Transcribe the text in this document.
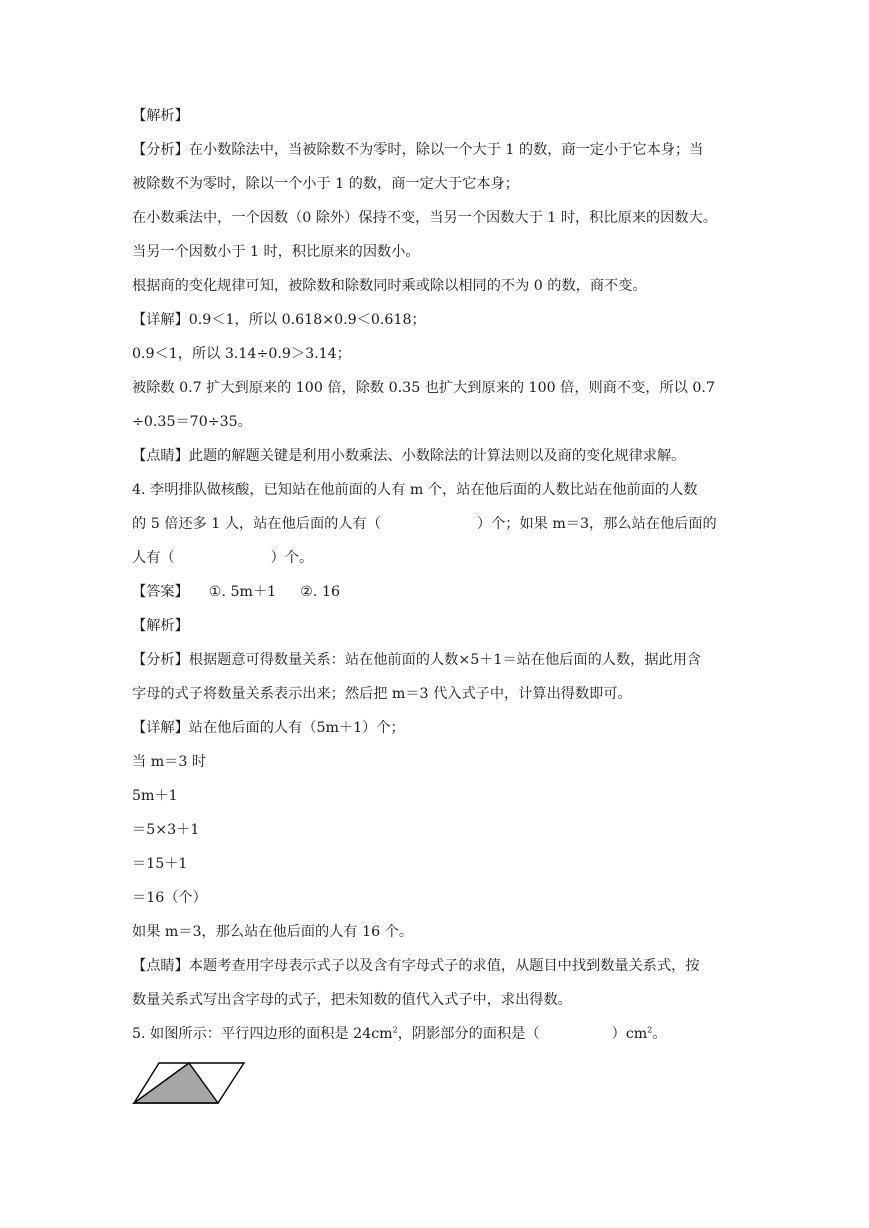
【解析】
【分析】在小数除法中，当被除数不为零时，除以一个大于 1 的数，商一定小于它本身；当
被除数不为零时，除以一个小于 1 的数，商一定大于它本身；
在小数乘法中，一个因数（0 除外）保持不变，当另一个因数大于 1 时，积比原来的因数大。
当另一个因数小于 1 时，积比原来的因数小。
根据商的变化规律可知，被除数和除数同时乘或除以相同的不为 0 的数，商不变。
【详解】0.9＜1，所以 0.618×0.9＜0.618；
0.9＜1，所以 3.14÷0.9＞3.14；
被除数 0.7 扩大到原来的 100 倍，除数 0.35 也扩大到原来的 100 倍，则商不变，所以 0.7
÷0.35＝70÷35。
【点睛】此题的解题关键是利用小数乘法、小数除法的计算法则以及商的变化规律求解。
4. 李明排队做核酸，已知站在他前面的人有 m 个，站在他后面的人数比站在他前面的人数
的 5 倍还多 1 人，站在他后面的人有（	）个；如果 m＝3，那么站在他后面的
人有（	）个。
【答案】 ①. 5m＋1 ②. 16
【解析】
【分析】根据题意可得数量关系：站在他前面的人数×5＋1＝站在他后面的人数，据此用含
字母的式子将数量关系表示出来；然后把 m＝3 代入式子中，计算出得数即可。
【详解】站在他后面的人有（5m＋1）个；
当 m＝3 时
5m＋1
＝5×3＋1
＝15＋1
＝16（个）
如果 m＝3，那么站在他后面的人有 16 个。
【点睛】本题考查用字母表示式子以及含有字母式子的求值，从题目中找到数量关系式，按
数量关系式写出含字母的式子，把未知数的值代入式子中，求出得数。
5. 如图所示：平行四边形的面积是 $24cm^2$，阴影部分的面积是（	）$cm^2$。
